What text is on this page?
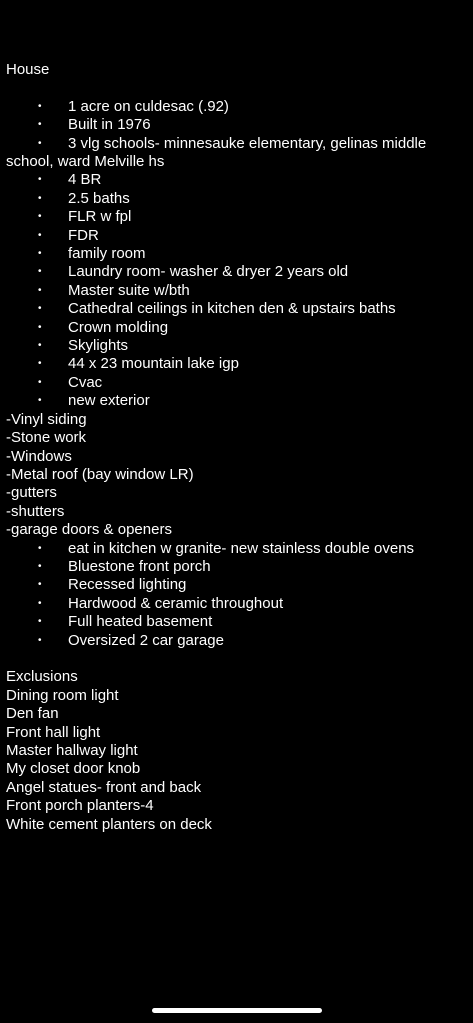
House
• 1 acre on culdesac (.92)
• Built in 1976
• 3 vlg schools- minnesauke elementary, gelinas middle school, ward Melville hs
• 4 BR
• 2.5 baths
• FLR w fpl
• FDR
• family room
• Laundry room- washer & dryer 2 years old
• Master suite w/bth
• Cathedral ceilings in kitchen den & upstairs baths
• Crown molding
• Skylights
• 44 x 23 mountain lake igp
• Cvac
• new exterior
-Vinyl siding
-Stone work
-Windows
-Metal roof (bay window LR)
-gutters
-shutters
-garage doors & openers
• eat in kitchen w granite- new stainless double ovens
• Bluestone front porch
• Recessed lighting
• Hardwood & ceramic throughout
• Full heated basement
• Oversized 2 car garage
Exclusions
Dining room light
Den fan
Front hall light
Master hallway light
My closet door knob
Angel statues- front and back
Front porch planters-4
White cement planters on deck
